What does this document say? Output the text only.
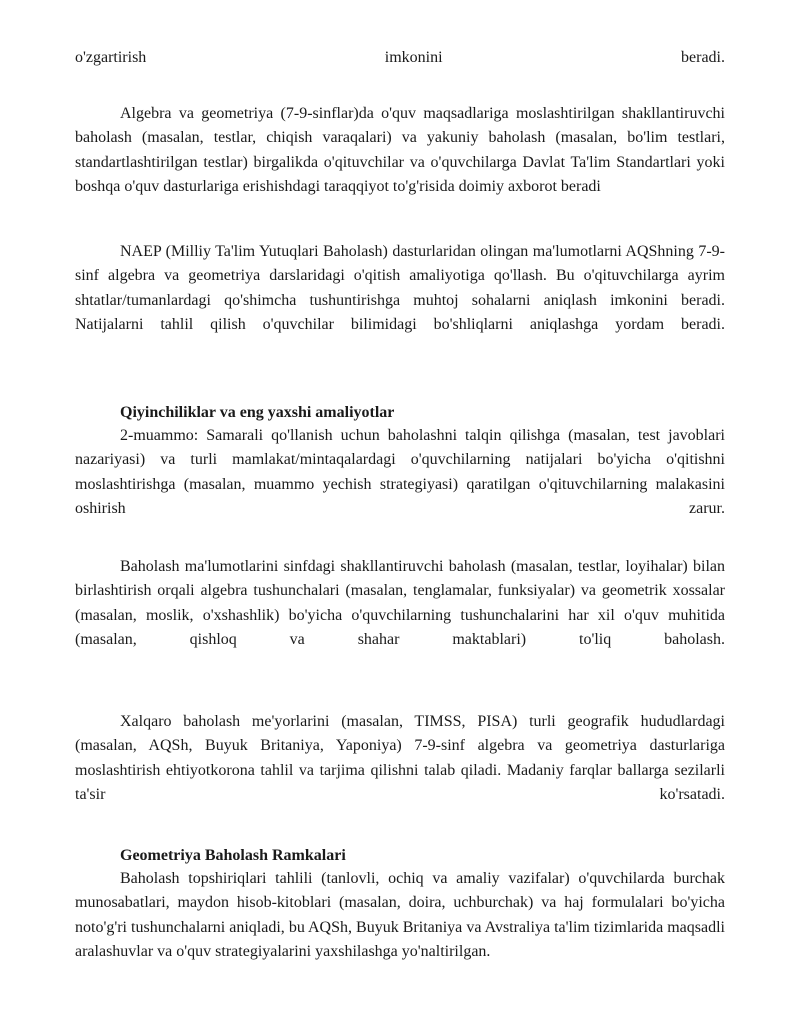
o'zgartirish imkonini beradi.

Algebra va geometriya (7-9-sinflar)da o'quv maqsadlariga moslashtirilgan shakllantiruvchi baholash (masalan, testlar, chiqish varaqalari) va yakuniy baholash (masalan, bo'lim testlari, standartlashtirilgan testlar) birgalikda o'qituvchilar va o'quvchilarga Davlat Ta'lim Standartlari yoki boshqa o'quv dasturlariga erishishdagi taraqqiyot to'g'risida doimiy axborot beradi

NAEP (Milliy Ta'lim Yutuqlari Baholash) dasturlaridan olingan ma'lumotlarni AQShning 7-9-sinf algebra va geometriya darslaridagi o'qitish amaliyotiga qo'llash. Bu o'qituvchilarga ayrim shtatlar/tumanlardagi qo'shimcha tushuntirishga muhtoj sohalarni aniqlash imkonini beradi. Natijalarni tahlil qilish o'quvchilar bilimidagi bo'shliqlarni aniqlashga yordam beradi.

Qiyinchiliklar va eng yaxshi amaliyotlar

2-muammo: Samarali qo'llanish uchun baholashni talqin qilishga (masalan, test javoblari nazariyasi) va turli mamlakat/mintaqalardagi o'quvchilarning natijalari bo'yicha o'qitishni moslashtirishga (masalan, muammo yechish strategiyasi) qaratilgan o'qituvchilarning malakasini oshirish zarur.

Baholash ma'lumotlarini sinfdagi shakllantiruvchi baholash (masalan, testlar, loyihalar) bilan birlashtirish orqali algebra tushunchalari (masalan, tenglamalar, funksiyalar) va geometrik xossalar (masalan, moslik, o'xshashlik) bo'yicha o'quvchilarning tushunchalarini har xil o'quv muhitida (masalan, qishloq va shahar maktablari) to'liq baholash.

Xalqaro baholash me'yorlarini (masalan, TIMSS, PISA) turli geografik hududlardagi (masalan, AQSh, Buyuk Britaniya, Yaponiya) 7-9-sinf algebra va geometriya dasturlariga moslashtirish ehtiyotkorona tahlil va tarjima qilishni talab qiladi. Madaniy farqlar ballarga sezilarli ta'sir ko'rsatadi.

Geometriya Baholash Ramkalari

Baholash topshiriqlari tahlili (tanlovli, ochiq va amaliy vazifalar) o'quvchilarda burchak munosabatlari, maydon hisob-kitoblari (masalan, doira, uchburchak) va haj formulalari bo'yicha noto'g'ri tushunchalarni aniqladi, bu AQSh, Buyuk Britaniya va Avstraliya ta'lim tizimlarida maqsadli aralashuvlar va o'quv strategiyalarini yaxshilashga yo'naltirilgan.
